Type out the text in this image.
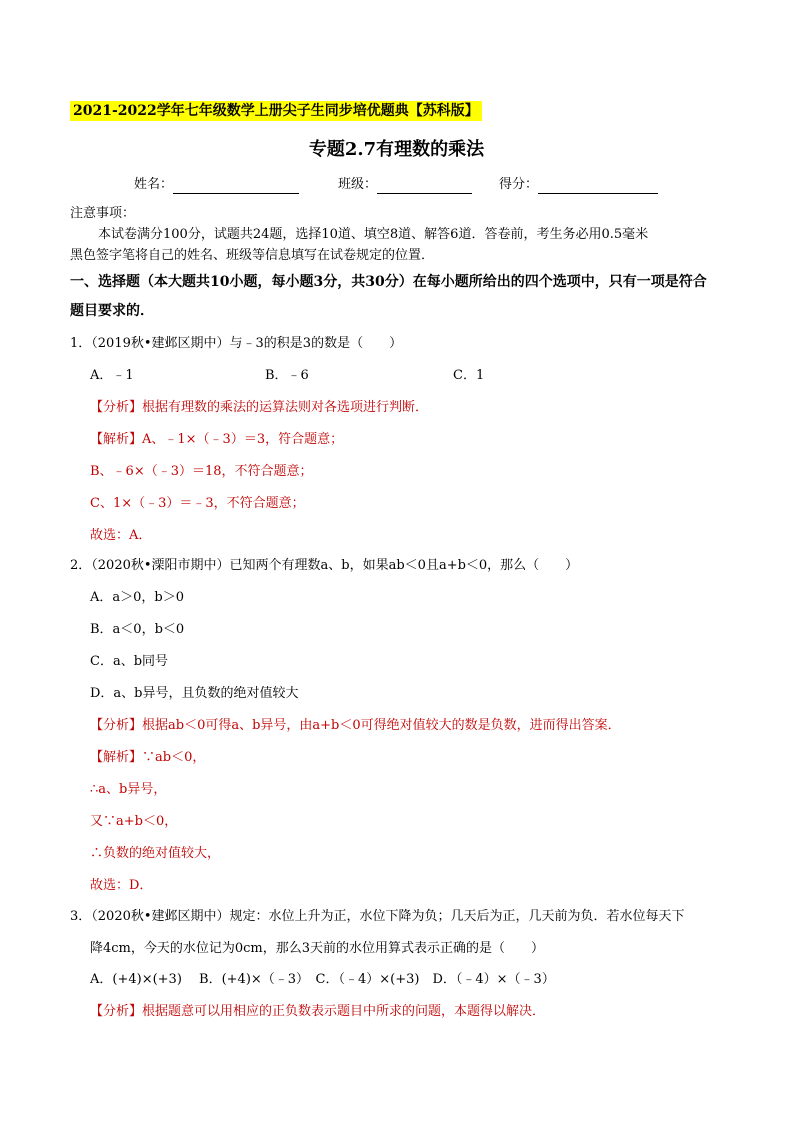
2021-2022学年七年级数学上册尖子生同步培优题典【苏科版】
专题2.7有理数的乘法
姓名：	班级：	得分：
注意事项：
本试卷满分100分，试题共24题，选择10道、填空8道、解答6道．答卷前，考生务必用0.5毫米
黑色签字笔将自己的姓名、班级等信息填写在试卷规定的位置．
一、选择题（本大题共10小题，每小题3分，共30分）在每小题所给出的四个选项中，只有一项是符合
题目要求的．
1．（2019秋•建邺区期中）与﹣3的积是3的数是（　　）
A．﹣1	B．﹣6	C．1
【分析】根据有理数的乘法的运算法则对各选项进行判断．
【解析】A、﹣1×（﹣3）＝3，符合题意；
B、﹣6×（﹣3）＝18，不符合题意；
C、1×（﹣3）＝﹣3，不符合题意；
故选：A．
2．（2020秋•溧阳市期中）已知两个有理数a、b，如果ab＜0且a+b＜0，那么（　　）
A．a＞0，b＞0
B．a＜0，b＜0
C．a、b同号
D．a、b异号，且负数的绝对值较大
【分析】根据ab＜0可得a、b异号，由a+b＜0可得绝对值较大的数是负数，进而得出答案．
【解析】∵ab＜0，
∴a、b异号，
又∵a+b＜0，
∴负数的绝对值较大，
故选：D．
3．（2020秋•建邺区期中）规定：水位上升为正，水位下降为负；几天后为正，几天前为负．若水位每天下
降4cm，今天的水位记为0cm，那么3天前的水位用算式表示正确的是（　　）
A．(+4)×(+3)　 B．(+4)×（﹣3）　C．（﹣4）×(+3)　D．（﹣4）×（﹣3）
【分析】根据题意可以用相应的正负数表示题目中所求的问题，本题得以解决．
